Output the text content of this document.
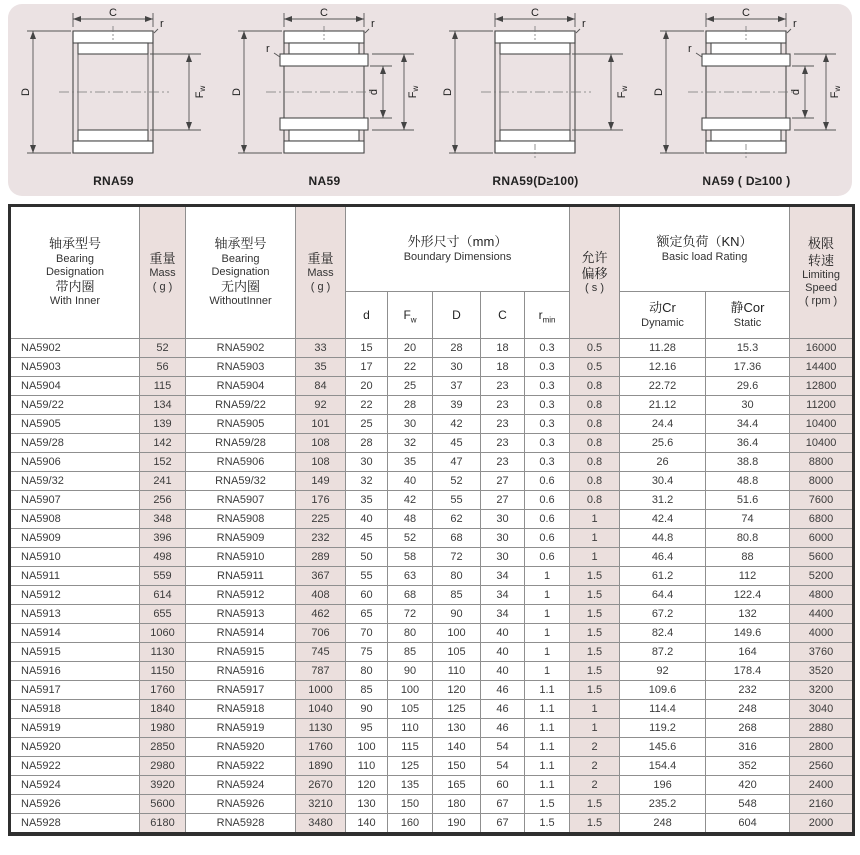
C
D	Fw
r
RNA59
C
D	d Fw
r
r
NA59
C
D	Fw
r
RNA59(D≥100)
C
D	d Fw
r
r
NA59 ( D≥100 )
轴承型号
Bearing
Designation
带内圈
With Inner	重量
Mass
( g )	轴承型号
Bearing
Designation
无内圈
WithoutInner	重量
Mass
( g )	外形尺寸（mm）
Boundary Dimensions					允许
偏移
( s )	额定负荷（KN）
Basic load Rating		极限
转速
Limiting
Speed
( rpm )

				d	$F_w$	D	C	$r_{min}$		动Cr
Dynamic	静Cor
Static	

NA5902	52	RNA5902	33	15	20	28	18	0.3	0.5	11.28	15.3	16000
NA5903	56	RNA5903	35	17	22	30	18	0.3	0.5	12.16	17.36	14400
NA5904	115	RNA5904	84	20	25	37	23	0.3	0.8	22.72	29.6	12800
NA59/22	134	RNA59/22	92	22	28	39	23	0.3	0.8	21.12	30	11200
NA5905	139	RNA5905	101	25	30	42	23	0.3	0.8	24.4	34.4	10400
NA59/28	142	RNA59/28	108	28	32	45	23	0.3	0.8	25.6	36.4	10400
NA5906	152	RNA5906	108	30	35	47	23	0.3	0.8	26	38.8	8800
NA59/32	241	RNA59/32	149	32	40	52	27	0.6	0.8	30.4	48.8	8000
NA5907	256	RNA5907	176	35	42	55	27	0.6	0.8	31.2	51.6	7600
NA5908	348	RNA5908	225	40	48	62	30	0.6	1	42.4	74	6800
NA5909	396	RNA5909	232	45	52	68	30	0.6	1	44.8	80.8	6000
NA5910	498	RNA5910	289	50	58	72	30	0.6	1	46.4	88	5600
NA5911	559	RNA5911	367	55	63	80	34	1	1.5	61.2	112	5200
NA5912	614	RNA5912	408	60	68	85	34	1	1.5	64.4	122.4	4800
NA5913	655	RNA5913	462	65	72	90	34	1	1.5	67.2	132	4400
NA5914	1060	RNA5914	706	70	80	100	40	1	1.5	82.4	149.6	4000
NA5915	1130	RNA5915	745	75	85	105	40	1	1.5	87.2	164	3760
NA5916	1150	RNA5916	787	80	90	110	40	1	1.5	92	178.4	3520
NA5917	1760	RNA5917	1000	85	100	120	46	1.1	1.5	109.6	232	3200
NA5918	1840	RNA5918	1040	90	105	125	46	1.1	1	114.4	248	3040
NA5919	1980	RNA5919	1130	95	110	130	46	1.1	1	119.2	268	2880
NA5920	2850	RNA5920	1760	100	115	140	54	1.1	2	145.6	316	2800
NA5922	2980	RNA5922	1890	110	125	150	54	1.1	2	154.4	352	2560
NA5924	3920	RNA5924	2670	120	135	165	60	1.1	2	196	420	2400
NA5926	5600	RNA5926	3210	130	150	180	67	1.5	1.5	235.2	548	2160
NA5928	6180	RNA5928	3480	140	160	190	67	1.5	1.5	248	604	2000
